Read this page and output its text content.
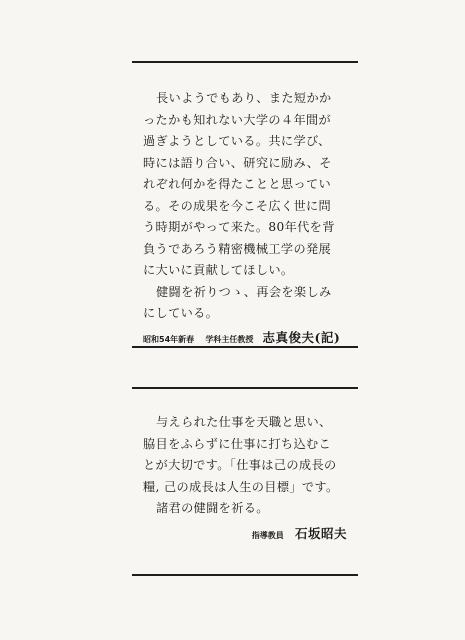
長いようでもあり、また短かか
ったかも知れない大学の４年間が
過ぎようとしている。共に学び、
時には語り合い、研究に励み、そ
れぞれ何かを得たことと思ってい
る。その成果を今こそ広く世に問
う時期がやって来た。80年代を背
負うであろう精密機械工学の発展
に大いに貢献してほしい。
健闘を祈りつゝ、再会を楽しみ
にしている。
昭和54年新春 学科主任教授 志真俊夫(記)
与えられた仕事を天職と思い、
脇目をふらずに仕事に打ち込むこ
とが大切です。｢仕事は己の成長の
糧, 己の成長は人生の目標」です。
諸君の健闘を祈る。
指導教員 石坂昭夫
